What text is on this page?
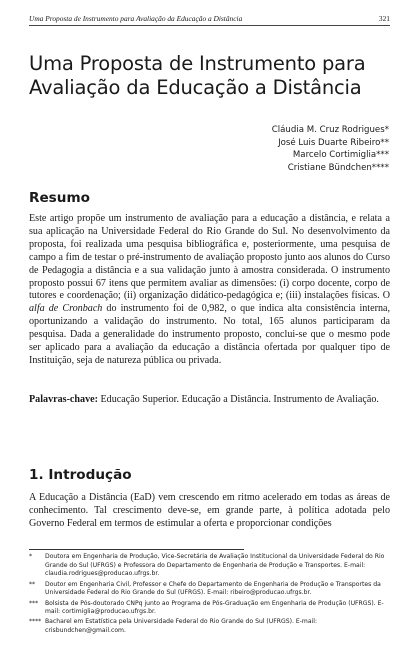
Uma Proposta de Instrumento para Avaliação da Educação a Distância	321
Uma Proposta de Instrumento para
Avaliação da Educação a Distância
Cláudia M. Cruz Rodrigues*
José Luis Duarte Ribeiro**
Marcelo Cortimiglia***
Cristiane Bündchen****
Resumo

Este artigo propõe um instrumento de avaliação para a educação a distância, e relata a sua aplicação na Universidade Federal do Rio Grande do Sul. No desenvolvimento da proposta, foi realizada uma pesquisa bibliográfica e, posteriormente, uma pesquisa de campo a fim de testar o pré-instrumento de avaliação proposto junto aos alunos do Curso de Pedagogia a distância e a sua validação junto à amostra considerada. O instrumento proposto possui 67 itens que permitem avaliar as dimensões: (i) corpo docente, corpo de tutores e coordenação; (ii) organização didático-pedagógica e; (iii) instalações físicas. O alfa de Cronbach do instrumento foi de 0,982, o que indica alta consistência interna, oportunizando a validação do instrumento. No total, 165 alunos participaram da pesquisa. Dada a generalidade do instrumento proposto, conclui-se que o mesmo pode ser aplicado para a avaliação da educação a distância ofertada por qualquer tipo de Instituição, seja de natureza pública ou privada.

Palavras-chave: Educação Superior. Educação a Distância. Instrumento de Avaliação.

1. Introdução

A Educação a Distância (EaD) vem crescendo em ritmo acelerado em todas as áreas de conhecimento. Tal crescimento deve-se, em grande parte, à política adotada pelo Governo Federal em termos de estimular a oferta e proporcionar condições

*	Doutora em Engenharia de Produção, Vice-Secretária de Avaliação Institucional da Universidade Federal do Rio Grande do Sul (UFRGS) e Professora do Departamento de Engenharia de Produção e Transportes. E-mail: claudia.rodrigues@producao.ufrgs.br.
**	Doutor em Engenharia Civil, Professor e Chefe do Departamento de Engenharia de Produção e Transportes da Universidade Federal do Rio Grande do Sul (UFRGS). E-mail: ribeiro@producao.ufrgs.br.
***	Bolsista de Pós-doutorado CNPq junto ao Programa de Pós-Graduação em Engenharia de Produção (UFRGS). E-mail: cortimiglia@producao.ufrgs.br.
**** Bacharel em Estatística pela Universidade Federal do Rio Grande do Sul (UFRGS). E-mail: crisbundchen@gmail.com.
